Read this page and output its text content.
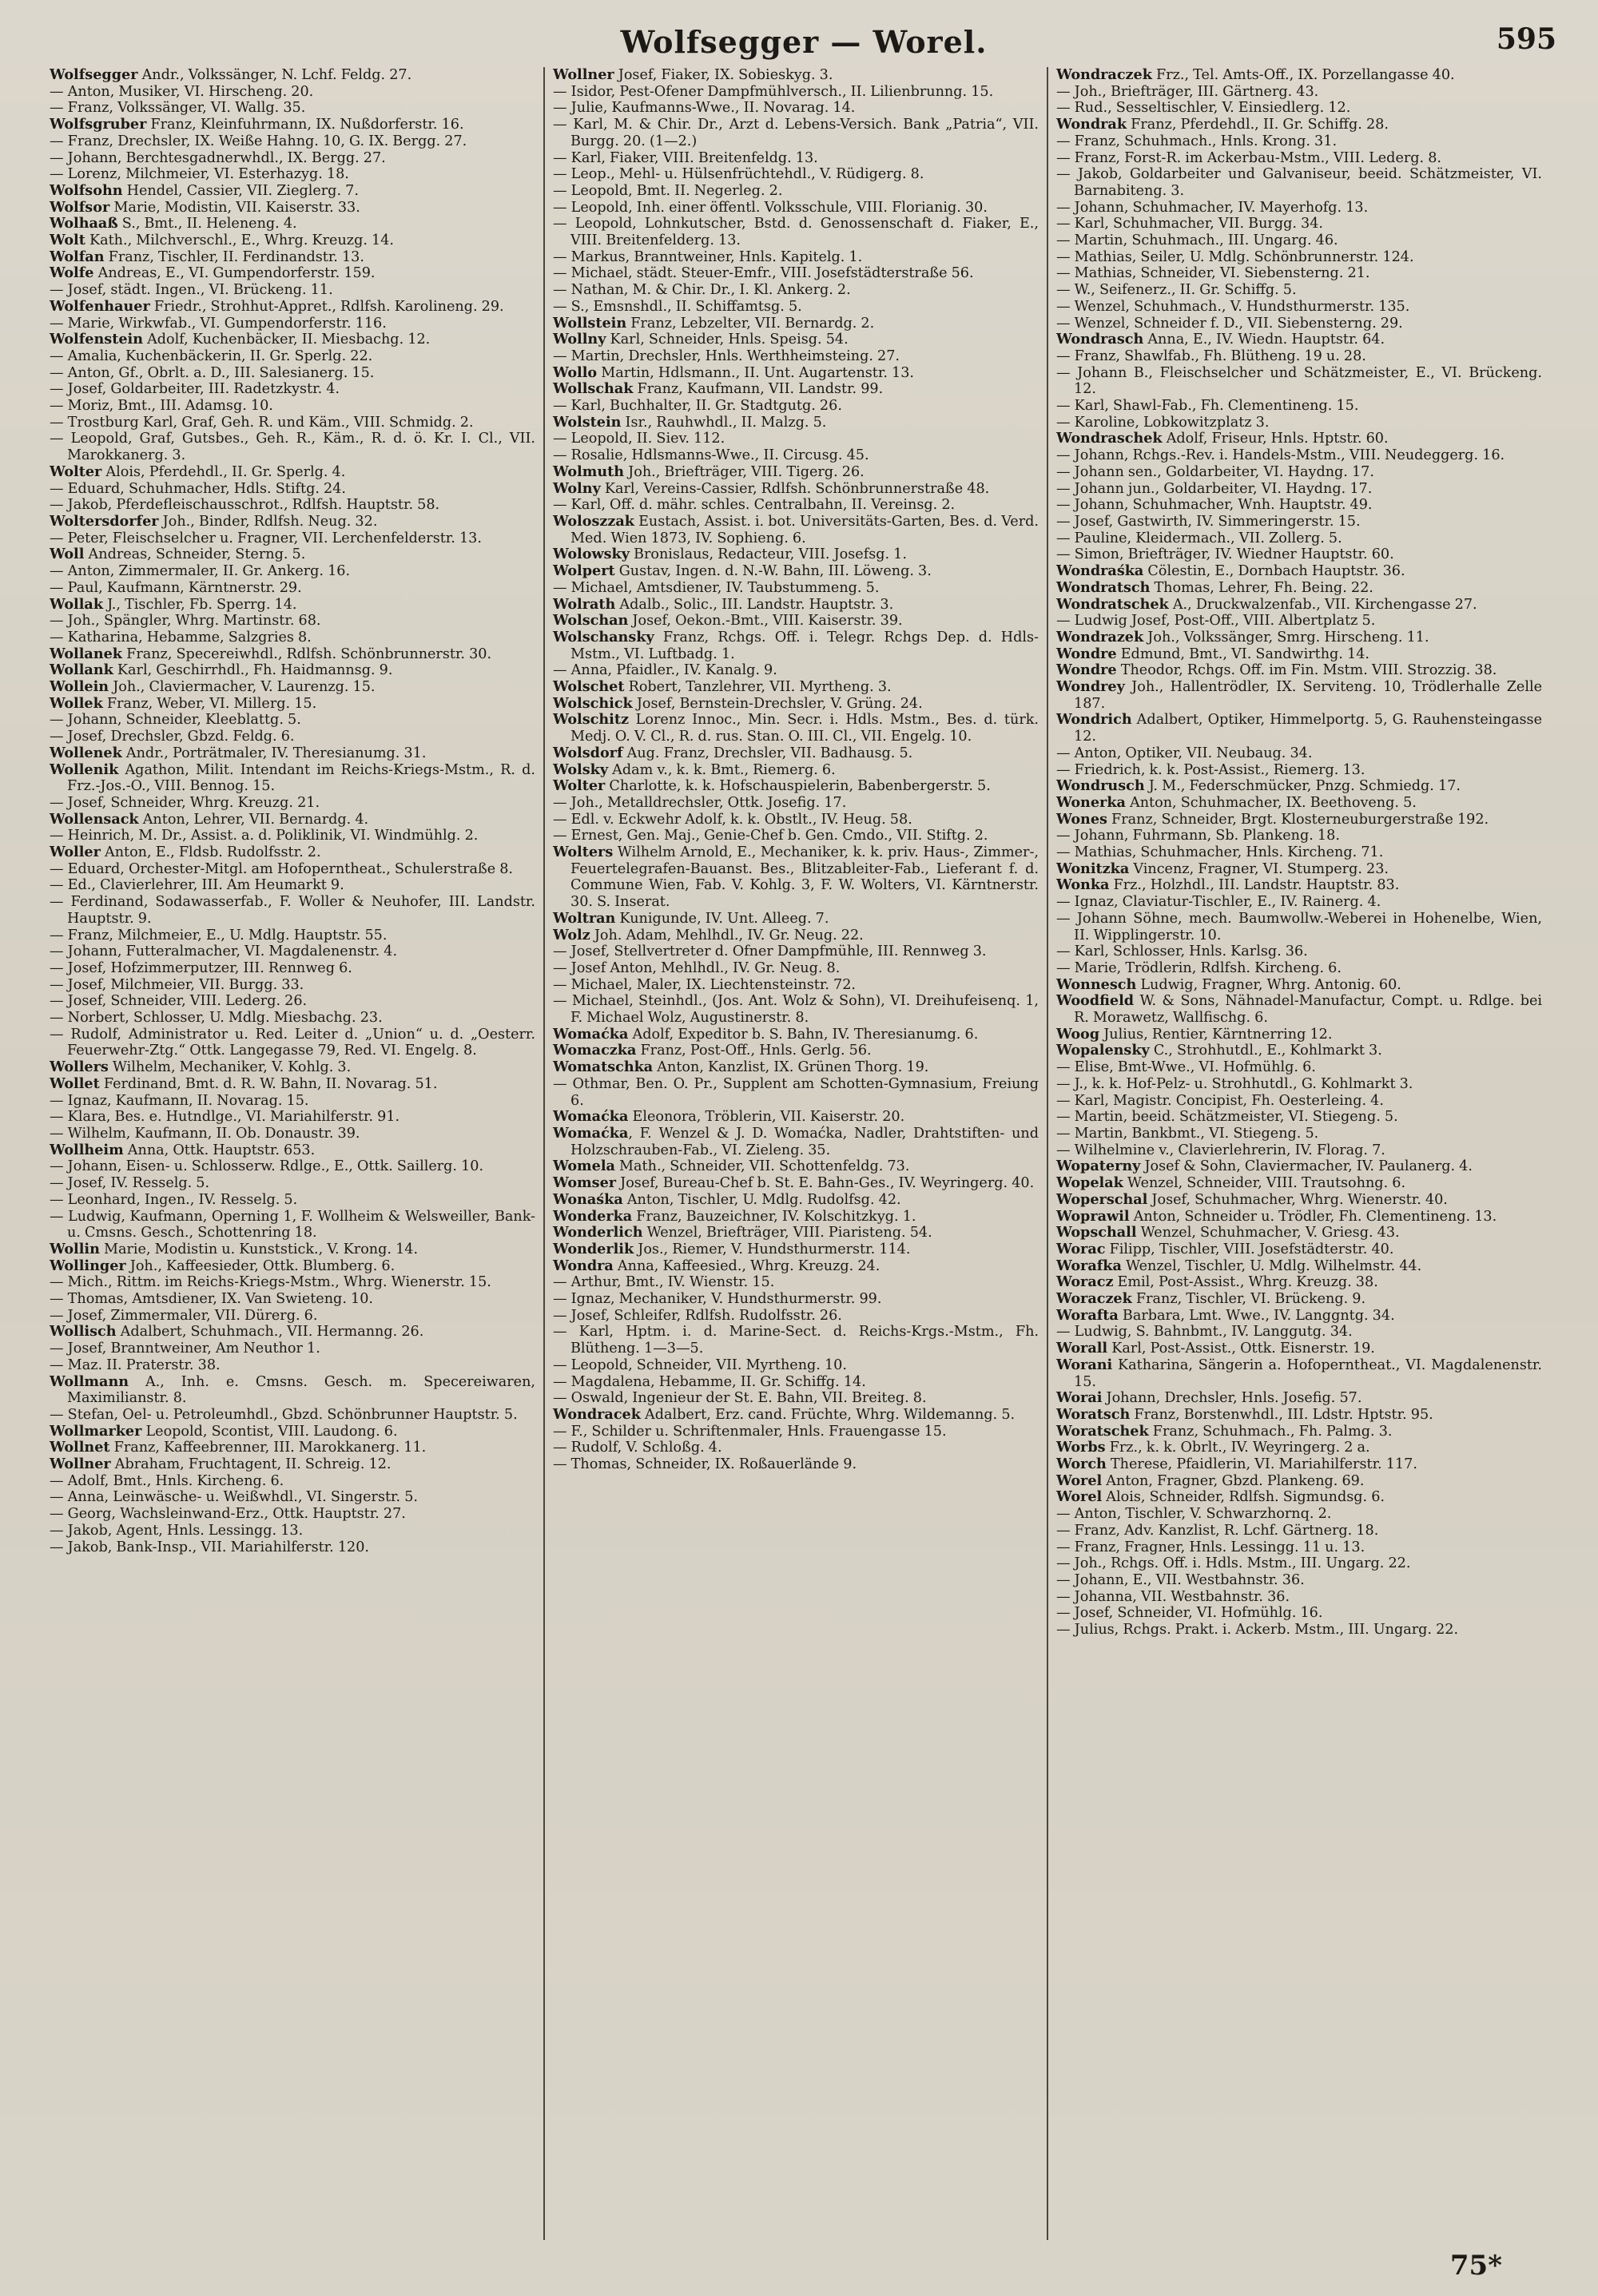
Wolfsegger — Worel.	595

Wolfsegger Andr., Volkssänger, N. Lchf. Feldg. 27.

— Anton, Musiker, VI. Hirscheng. 20.

— Franz, Volkssänger, VI. Wallg. 35.

Wolfsgruber Franz, Kleinfuhrmann, IX. Nußdorferstr. 16.

— Franz, Drechsler, IX. Weiße Hahng. 10, G. IX. Bergg. 27.

— Johann, Berchtesgadnerwhdl., IX. Bergg. 27.

— Lorenz, Milchmeier, VI. Esterhazyg. 18.

Wolfsohn Hendel, Cassier, VII. Zieglerg. 7.

Wolfsor Marie, Modistin, VII. Kaiserstr. 33.

Wolhaaß S., Bmt., II. Heleneng. 4.

Wolt Kath., Milchverschl., E., Whrg. Kreuzg. 14.

Wolfan Franz, Tischler, II. Ferdinandstr. 13.

Wolfe Andreas, E., VI. Gumpendorferstr. 159.

— Josef, städt. Ingen., VI. Brückeng. 11.

Wolfenhauer Friedr., Strohhut-Appret., Rdlfsh. Karolineng. 29.

— Marie, Wirkwfab., VI. Gumpendorferstr. 116.

Wolfenstein Adolf, Kuchenbäcker, II. Miesbachg. 12.

— Amalia, Kuchenbäckerin, II. Gr. Sperlg. 22.

— Anton, Gf., Obrlt. a. D., III. Salesianerg. 15.

— Josef, Goldarbeiter, III. Radetzkystr. 4.

— Moriz, Bmt., III. Adamsg. 10.

— Trostburg Karl, Graf, Geh. R. und Käm., VIII. Schmidg. 2.

— Leopold, Graf, Gutsbes., Geh. R., Käm., R. d. ö. Kr. I. Cl., VII. Marokkanerg. 3.

Wolter Alois, Pferdehdl., II. Gr. Sperlg. 4.

— Eduard, Schuhmacher, Hdls. Stiftg. 24.

— Jakob, Pferdefleischausschrot., Rdlfsh. Hauptstr. 58.

Woltersdorfer Joh., Binder, Rdlfsh. Neug. 32.

— Peter, Fleischselcher u. Fragner, VII. Lerchenfelderstr. 13.

Woll Andreas, Schneider, Sterng. 5.

— Anton, Zimmermaler, II. Gr. Ankerg. 16.

— Paul, Kaufmann, Kärntnerstr. 29.

Wollak J., Tischler, Fb. Sperrg. 14.

— Joh., Spängler, Whrg. Martinstr. 68.

— Katharina, Hebamme, Salzgries 8.

Wollanek Franz, Specereiwhdl., Rdlfsh. Schönbrunnerstr. 30.

Wollank Karl, Geschirrhdl., Fh. Haidmannsg. 9.

Wollein Joh., Claviermacher, V. Laurenzg. 15.

Wollek Franz, Weber, VI. Millerg. 15.

— Johann, Schneider, Kleeblattg. 5.

— Josef, Drechsler, Gbzd. Feldg. 6.

Wollenek Andr., Porträtmaler, IV. Theresianumg. 31.

Wollenik Agathon, Milit. Intendant im Reichs-Kriegs-Mstm., R. d. Frz.-Jos.-O., VIII. Bennog. 15.

— Josef, Schneider, Whrg. Kreuzg. 21.

Wollensack Anton, Lehrer, VII. Bernardg. 4.

— Heinrich, M. Dr., Assist. a. d. Poliklinik, VI. Windmühlg. 2.

Woller Anton, E., Fldsb. Rudolfsstr. 2.

— Eduard, Orchester-Mitgl. am Hofoperntheat., Schulerstraße 8.

— Ed., Clavierlehrer, III. Am Heumarkt 9.

— Ferdinand, Sodawasserfab., F. Woller & Neuhofer, III. Landstr. Hauptstr. 9.

— Franz, Milchmeier, E., U. Mdlg. Hauptstr. 55.

— Johann, Futteralmacher, VI. Magdalenenstr. 4.

— Josef, Hofzimmerputzer, III. Rennweg 6.

— Josef, Milchmeier, VII. Burgg. 33.

— Josef, Schneider, VIII. Lederg. 26.

— Norbert, Schlosser, U. Mdlg. Miesbachg. 23.

— Rudolf, Administrator u. Red. Leiter d. „Union“ u. d. „Oesterr. Feuerwehr-Ztg.“ Ottk. Langegasse 79, Red. VI. Engelg. 8.

Wollers Wilhelm, Mechaniker, V. Kohlg. 3.

Wollet Ferdinand, Bmt. d. R. W. Bahn, II. Novarag. 51.

— Ignaz, Kaufmann, II. Novarag. 15.

— Klara, Bes. e. Hutndlge., VI. Mariahilferstr. 91.

— Wilhelm, Kaufmann, II. Ob. Donaustr. 39.

Wollheim Anna, Ottk. Hauptstr. 653.

— Johann, Eisen- u. Schlosserw. Rdlge., E., Ottk. Saillerg. 10.

— Josef, IV. Resselg. 5.

— Leonhard, Ingen., IV. Resselg. 5.

— Ludwig, Kaufmann, Operning 1, F. Wollheim & Welsweiller, Bank- u. Cmsns. Gesch., Schottenring 18.

Wollin Marie, Modistin u. Kunststick., V. Krong. 14.

Wollinger Joh., Kaffeesieder, Ottk. Blumberg. 6.

— Mich., Rittm. im Reichs-Kriegs-Mstm., Whrg. Wienerstr. 15.

— Thomas, Amtsdiener, IX. Van Swieteng. 10.

— Josef, Zimmermaler, VII. Dürerg. 6.

Wollisch Adalbert, Schuhmach., VII. Hermanng. 26.

— Josef, Branntweiner, Am Neuthor 1.

— Maz. II. Praterstr. 38.

Wollmann A., Inh. e. Cmsns. Gesch. m. Specereiwaren, Maximilianstr. 8.

— Stefan, Oel- u. Petroleumhdl., Gbzd. Schönbrunner Hauptstr. 5.

Wollmarker Leopold, Scontist, VIII. Laudong. 6.

Wollnet Franz, Kaffeebrenner, III. Marokkanerg. 11.

Wollner Abraham, Fruchtagent, II. Schreig. 12.

— Adolf, Bmt., Hnls. Kircheng. 6.

— Anna, Leinwäsche- u. Weißwhdl., VI. Singerstr. 5.

— Georg, Wachsleinwand-Erz., Ottk. Hauptstr. 27.

— Jakob, Agent, Hnls. Lessingg. 13.

— Jakob, Bank-Insp., VII. Mariahilferstr. 120.

Wollner Josef, Fiaker, IX. Sobieskyg. 3.

— Isidor, Pest-Ofener Dampfmühlversch., II. Lilienbrunng. 15.

— Julie, Kaufmanns-Wwe., II. Novarag. 14.

— Karl, M. & Chir. Dr., Arzt d. Lebens-Versich. Bank „Patria“, VII. Burgg. 20. (1—2.)

— Karl, Fiaker, VIII. Breitenfeldg. 13.

— Leop., Mehl- u. Hülsenfrüchtehdl., V. Rüdigerg. 8.

— Leopold, Bmt. II. Negerleg. 2.

— Leopold, Inh. einer öffentl. Volksschule, VIII. Florianig. 30.

— Leopold, Lohnkutscher, Bstd. d. Genossenschaft d. Fiaker, E., VIII. Breitenfelderg. 13.

— Markus, Branntweiner, Hnls. Kapitelg. 1.

— Michael, städt. Steuer-Emfr., VIII. Josefstädterstraße 56.

— Nathan, M. & Chir. Dr., I. Kl. Ankerg. 2.

— S., Emsnshdl., II. Schiffamtsg. 5.

Wollstein Franz, Lebzelter, VII. Bernardg. 2.

Wollny Karl, Schneider, Hnls. Speisg. 54.

— Martin, Drechsler, Hnls. Werthheimsteing. 27.

Wollo Martin, Hdlsmann., II. Unt. Augartenstr. 13.

Wollschak Franz, Kaufmann, VII. Landstr. 99.

— Karl, Buchhalter, II. Gr. Stadtgutg. 26.

Wolstein Isr., Rauhwhdl., II. Malzg. 5.

— Leopold, II. Siev. 112.

— Rosalie, Hdlsmanns-Wwe., II. Circusg. 45.

Wolmuth Joh., Briefträger, VIII. Tigerg. 26.

Wolny Karl, Vereins-Cassier, Rdlfsh. Schönbrunnerstraße 48.

— Karl, Off. d. mähr. schles. Centralbahn, II. Vereinsg. 2.

Woloszzak Eustach, Assist. i. bot. Universitäts-Garten, Bes. d. Verd. Med. Wien 1873, IV. Sophieng. 6.

Wolowsky Bronislaus, Redacteur, VIII. Josefsg. 1.

Wolpert Gustav, Ingen. d. N.-W. Bahn, III. Löweng. 3.

— Michael, Amtsdiener, IV. Taubstummeng. 5.

Wolrath Adalb., Solic., III. Landstr. Hauptstr. 3.

Wolschan Josef, Oekon.-Bmt., VIII. Kaiserstr. 39.

Wolschansky Franz, Rchgs. Off. i. Telegr. Rchgs Dep. d. Hdls-Mstm., VI. Luftbadg. 1.

— Anna, Pfaidler., IV. Kanalg. 9.

Wolschet Robert, Tanzlehrer, VII. Myrtheng. 3.

Wolschick Josef, Bernstein-Drechsler, V. Grüng. 24.

Wolschitz Lorenz Innoc., Min. Secr. i. Hdls. Mstm., Bes. d. türk. Medj. O. V. Cl., R. d. rus. Stan. O. III. Cl., VII. Engelg. 10.

Wolsdorf Aug. Franz, Drechsler, VII. Badhausg. 5.

Wolsky Adam v., k. k. Bmt., Riemerg. 6.

Wolter Charlotte, k. k. Hofschauspielerin, Babenbergerstr. 5.

— Joh., Metalldrechsler, Ottk. Josefig. 17.

— Edl. v. Eckwehr Adolf, k. k. Obstlt., IV. Heug. 58.

— Ernest, Gen. Maj., Genie-Chef b. Gen. Cmdo., VII. Stiftg. 2.

Wolters Wilhelm Arnold, E., Mechaniker, k. k. priv. Haus-, Zimmer-, Feuertelegrafen-Bauanst. Bes., Blitzableiter-Fab., Lieferant f. d. Commune Wien, Fab. V. Kohlg. 3, F. W. Wolters, VI. Kärntnerstr. 30. S. Inserat.

Woltran Kunigunde, IV. Unt. Alleeg. 7.

Wolz Joh. Adam, Mehlhdl., IV. Gr. Neug. 22.

— Josef, Stellvertreter d. Ofner Dampfmühle, III. Rennweg 3.

— Josef Anton, Mehlhdl., IV. Gr. Neug. 8.

— Michael, Maler, IX. Liechtensteinstr. 72.

— Michael, Steinhdl., (Jos. Ant. Wolz & Sohn), VI. Dreihufeisenq. 1, F. Michael Wolz, Augustinerstr. 8.

Womaćka Adolf, Expeditor b. S. Bahn, IV. Theresianumg. 6.

Womaczka Franz, Post-Off., Hnls. Gerlg. 56.

Womatschka Anton, Kanzlist, IX. Grünen Thorg. 19.

— Othmar, Ben. O. Pr., Supplent am Schotten-Gymnasium, Freiung 6.

Womaćka Eleonora, Tröblerin, VII. Kaiserstr. 20.

Womaćka, F. Wenzel & J. D. Womaćka, Nadler, Drahtstiften- und Holzschrauben-Fab., VI. Zieleng. 35.

Womela Math., Schneider, VII. Schottenfeldg. 73.

Womser Josef, Bureau-Chef b. St. E. Bahn-Ges., IV. Weyringerg. 40.

Wonaśka Anton, Tischler, U. Mdlg. Rudolfsg. 42.

Wonderka Franz, Bauzeichner, IV. Kolschitzkyg. 1.

Wonderlich Wenzel, Briefträger, VIII. Piaristeng. 54.

Wonderlik Jos., Riemer, V. Hundsthurmerstr. 114.

Wondra Anna, Kaffeesied., Whrg. Kreuzg. 24.

— Arthur, Bmt., IV. Wienstr. 15.

— Ignaz, Mechaniker, V. Hundsthurmerstr. 99.

— Josef, Schleifer, Rdlfsh. Rudolfsstr. 26.

— Karl, Hptm. i. d. Marine-Sect. d. Reichs-Krgs.-Mstm., Fh. Blütheng. 1—3—5.

— Leopold, Schneider, VII. Myrtheng. 10.

— Magdalena, Hebamme, II. Gr. Schiffg. 14.

— Oswald, Ingenieur der St. E. Bahn, VII. Breiteg. 8.

Wondracek Adalbert, Erz. cand. Früchte, Whrg. Wildemanng. 5.

— F., Schilder u. Schriftenmaler, Hnls. Frauengasse 15.

— Rudolf, V. Schloßg. 4.

— Thomas, Schneider, IX. Roßauerlände 9.

Wondraczek Frz., Tel. Amts-Off., IX. Porzellangasse 40.

— Joh., Briefträger, III. Gärtnerg. 43.

— Rud., Sesseltischler, V. Einsiedlerg. 12.

Wondrak Franz, Pferdehdl., II. Gr. Schiffg. 28.

— Franz, Schuhmach., Hnls. Krong. 31.

— Franz, Forst-R. im Ackerbau-Mstm., VIII. Lederg. 8.

— Jakob, Goldarbeiter und Galvaniseur, beeid. Schätzmeister, VI. Barnabiteng. 3.

— Johann, Schuhmacher, IV. Mayerhofg. 13.

— Karl, Schuhmacher, VII. Burgg. 34.

— Martin, Schuhmach., III. Ungarg. 46.

— Mathias, Seiler, U. Mdlg. Schönbrunnerstr. 124.

— Mathias, Schneider, VI. Siebensterng. 21.

— W., Seifenerz., II. Gr. Schiffg. 5.

— Wenzel, Schuhmach., V. Hundsthurmerstr. 135.

— Wenzel, Schneider f. D., VII. Siebensterng. 29.

Wondrasch Anna, E., IV. Wiedn. Hauptstr. 64.

— Franz, Shawlfab., Fh. Blütheng. 19 u. 28.

— Johann B., Fleischselcher und Schätzmeister, E., VI. Brückeng. 12.

— Karl, Shawl-Fab., Fh. Clementineng. 15.

— Karoline, Lobkowitzplatz 3.

Wondraschek Adolf, Friseur, Hnls. Hptstr. 60.

— Johann, Rchgs.-Rev. i. Handels-Mstm., VIII. Neudeggerg. 16.

— Johann sen., Goldarbeiter, VI. Haydng. 17.

— Johann jun., Goldarbeiter, VI. Haydng. 17.

— Johann, Schuhmacher, Wnh. Hauptstr. 49.

— Josef, Gastwirth, IV. Simmeringerstr. 15.

— Pauline, Kleidermach., VII. Zollerg. 5.

— Simon, Briefträger, IV. Wiedner Hauptstr. 60.

Wondraśka Cölestin, E., Dornbach Hauptstr. 36.

Wondratsch Thomas, Lehrer, Fh. Being. 22.

Wondratschek A., Druckwalzenfab., VII. Kirchengasse 27.

— Ludwig Josef, Post-Off., VIII. Albertplatz 5.

Wondrazek Joh., Volkssänger, Smrg. Hirscheng. 11.

Wondre Edmund, Bmt., VI. Sandwirthg. 14.

Wondre Theodor, Rchgs. Off. im Fin. Mstm. VIII. Strozzig. 38.

Wondrey Joh., Hallentrödler, IX. Serviteng. 10, Trödlerhalle Zelle 187.

Wondrich Adalbert, Optiker, Himmelportg. 5, G. Rauhensteingasse 12.

— Anton, Optiker, VII. Neubaug. 34.

— Friedrich, k. k. Post-Assist., Riemerg. 13.

Wondrusch J. M., Federschmücker, Pnzg. Schmiedg. 17.

Wonerka Anton, Schuhmacher, IX. Beethoveng. 5.

Wones Franz, Schneider, Brgt. Klosterneuburgerstraße 192.

— Johann, Fuhrmann, Sb. Plankeng. 18.

— Mathias, Schuhmacher, Hnls. Kircheng. 71.

Wonitzka Vincenz, Fragner, VI. Stumperg. 23.

Wonka Frz., Holzhdl., III. Landstr. Hauptstr. 83.

— Ignaz, Claviatur-Tischler, E., IV. Rainerg. 4.

— Johann Söhne, mech. Baumwollw.-Weberei in Hohenelbe, Wien, II. Wipplingerstr. 10.

— Karl, Schlosser, Hnls. Karlsg. 36.

— Marie, Trödlerin, Rdlfsh. Kircheng. 6.

Wonnesch Ludwig, Fragner, Whrg. Antonig. 60.

Woodfield W. & Sons, Nähnadel-Manufactur, Compt. u. Rdlge. bei R. Morawetz, Wallfischg. 6.

Woog Julius, Rentier, Kärntnerring 12.

Wopalensky C., Strohhutdl., E., Kohlmarkt 3.

— Elise, Bmt-Wwe., VI. Hofmühlg. 6.

— J., k. k. Hof-Pelz- u. Strohhutdl., G. Kohlmarkt 3.

— Karl, Magistr. Concipist, Fh. Oesterleing. 4.

— Martin, beeid. Schätzmeister, VI. Stiegeng. 5.

— Martin, Bankbmt., VI. Stiegeng. 5.

— Wilhelmine v., Clavierlehrerin, IV. Florag. 7.

Wopaterny Josef & Sohn, Claviermacher, IV. Paulanerg. 4.

Wopelak Wenzel, Schneider, VIII. Trautsohng. 6.

Woperschal Josef, Schuhmacher, Whrg. Wienerstr. 40.

Woprawil Anton, Schneider u. Trödler, Fh. Clementineng. 13.

Wopschall Wenzel, Schuhmacher, V. Griesg. 43.

Worac Filipp, Tischler, VIII. Josefstädterstr. 40.

Worafka Wenzel, Tischler, U. Mdlg. Wilhelmstr. 44.

Woracz Emil, Post-Assist., Whrg. Kreuzg. 38.

Woraczek Franz, Tischler, VI. Brückeng. 9.

Worafta Barbara, Lmt. Wwe., IV. Langgntg. 34.

— Ludwig, S. Bahnbmt., IV. Langgutg. 34.

Worall Karl, Post-Assist., Ottk. Eisnerstr. 19.

Worani Katharina, Sängerin a. Hofoperntheat., VI. Magdalenenstr. 15.

Worai Johann, Drechsler, Hnls. Josefig. 57.

Woratsch Franz, Borstenwhdl., III. Ldstr. Hptstr. 95.

Woratschek Franz, Schuhmach., Fh. Palmg. 3.

Worbs Frz., k. k. Obrlt., IV. Weyringerg. 2 a.

Worch Therese, Pfaidlerin, VI. Mariahilferstr. 117.

Worel Anton, Fragner, Gbzd. Plankeng. 69.

Worel Alois, Schneider, Rdlfsh. Sigmundsg. 6.

— Anton, Tischler, V. Schwarzhornq. 2.

— Franz, Adv. Kanzlist, R. Lchf. Gärtnerg. 18.

— Franz, Fragner, Hnls. Lessingg. 11 u. 13.

— Joh., Rchgs. Off. i. Hdls. Mstm., III. Ungarg. 22.

— Johann, E., VII. Westbahnstr. 36.

— Johanna, VII. Westbahnstr. 36.

— Josef, Schneider, VI. Hofmühlg. 16.

— Julius, Rchgs. Prakt. i. Ackerb. Mstm., III. Ungarg. 22.

75*
